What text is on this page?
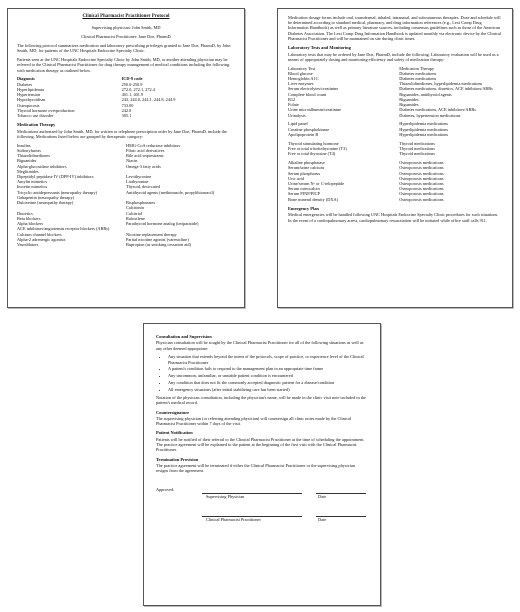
Clinical Pharmacist Practitioner Protocol
Supervising physician: John Smith, MD
Clinical Pharmacist Practitioner: Jane Doe, PharmD

The following protocol summarizes medication and laboratory prescribing privileges granted to Jane Doe, PharmD, by John Smith, MD, for patients of the UNC Hospitals Endocrine Specialty Clinic.

Patients seen at the UNC Hospitals Endocrine Specialty Clinic by John Smith, MD, or another attending physician may be referred to the Clinical Pharmacist Practitioner for drug therapy management of medical conditions including the following, with medication therapy as outlined below.

Diagnosis	ICD-9 code
Diabetes	250.0-250.9
Hyperlipidemia	272.0, 272.1, 272.4
Hypertension	401.1, 401.9
Hypothyroidism	243, 244.0, 244.1, 244.8, 244.9
Osteoporosis	733.00
Thyroid hormone overproduction	242.8
Tobacco use disorder	305.1
Medication Therapy

Medications authorized by John Smith, MD, for written or telephone prescription order by Jane Doe, PharmD, include the following. Medications listed below are grouped by therapeutic category:

Insulins	HMG-CoA reductase inhibitors
Sulfonylureas	Fibric acid derivatives
Thiazolidinediones	Bile acid sequestrants
Biguanides	Niacin
Alpha-glucosidase inhibitors	Omega-3 fatty acids
Meglitinides
Dipeptidyl peptidase IV (DPP-IV) inhibitors	Levothyroxine
Amylin mimetics	Liothyronine
Incretin mimetics	Thyroid, desiccated
Tricyclic antidepressants (neuropathy therapy)	Antithyroid agents (methimazole, propylthiouracil)
Gabapentin (neuropathy therapy)
Duloxetine (neuropathy therapy)	Bisphosphonates
Calcitonin
Diuretics	Calcitriol
Beta blockers	Raloxifene
Alpha blockers	Parathyroid hormone analog (teriparatide)
ACE inhibitors/angiotensin receptor blockers (ARBs)
Calcium channel blockers	Nicotine replacement therapy
Alpha-2 adrenergic agonists	Partial nicotine agonist (varenicline)
Vasodilators	Bupropion (as smoking cessation aid)

Medication dosage forms include oral, transdermal, inhaled, intranasal, and subcutaneous therapies. Dose and schedule will be determined according to standard medical, pharmacy, and drug information references (e.g., Lexi Comp Drug Information Handbook) as well as primary literature sources, including consensus guidelines such as those of the American Diabetes Association. The Lexi Comp Drug Information Handbook is updated monthly via electronic device by the Clinical Pharmacist Practitioner and will be maintained on site during clinic times.

Laboratory Tests and Monitoring

Laboratory tests that may be ordered by Jane Doe, PharmD, include the following. Laboratory evaluation will be used as a means of appropriately dosing and monitoring efficiency and safety of medication therapy:

Laboratory Test	Medication Therapy
Blood glucose	Diabetes medications
Hemoglobin A1C	Diabetes medications
Liver enzymes	Thiazolidinediones, hyperlipidemia medications
Serum electrolytes/creatinine	Diabetes medications, diuretics, ACE inhibitors/ARBs
Complete blood count	Biguanides, antithyroid agents
B12	Biguanides
Folate	Biguanides
Urine microalbumin/creatinine	Diabetes medications, ACE inhibitors/ARBs
Urinalysis	Diabetes, hypertension medications
Lipid panel	Hyperlipidemia medications
Creatine phosphokinase	Hyperlipidemia medications
Apolipoprotein B	Hyperlipidemia medications
Thyroid stimulating hormone	Thyroid medications
Free or total triiodothyronine (T3)	Thyroid medications
Free or total thyroxine (T4)	Thyroid medications
Alkaline phosphatase	Osteoporosis medications
Serum/urine calcium	Osteoporosis medications
Serum phosphorus	Osteoporosis medications
Uric acid	Osteoporosis medications
Urine/serum N- or C-telopeptide	Osteoporosis medications
Serum osteocalcin	Osteoporosis medications
Serum PINP/PICP	Osteoporosis medications
Bone mineral density (DXA)	Osteoporosis medications
Emergency Plan

Medical emergencies will be handled following UNC Hospitals Endocrine Specialty Clinic procedures for such situations. In the event of a cardiopulmonary arrest, cardiopulmonary resuscitation will be initiated while office staff calls 911.

Consultation and Supervision

Physician consultation will be sought by the Clinical Pharmacist Practitioner for all of the following situations as well as any other deemed appropriate:

• Any situation that extends beyond the intent of the protocols, scope of practice, or experience level of the Clinical Pharmacist Practitioner
• A patient's condition fails to respond to the management plan in an appropriate time frame
• Any uncommon, unfamiliar, or unstable patient condition is encountered
• Any condition that does not fit the commonly accepted diagnostic pattern for a disease/condition
• All emergency situations (after initial stabilizing care has been started)

Notation of the physician consultation, including the physician's name, will be made in the clinic visit note included in the patient's medical record.

Countersignature

The supervising physician (or referring attending physician) will countersign all clinic notes made by the Clinical Pharmacist Practitioner within 7 days of the visit.

Patient Notification

Patients will be notified of their referral to the Clinical Pharmacist Practitioner at the time of scheduling the appointment. The practice agreement will be explained to the patient at the beginning of the first visit with the Clinical Pharmacist Practitioner.

Termination Provision

The practice agreement will be terminated if either the Clinical Pharmacist Practitioner or the supervising physician resigns from the agreement.

Approved:
Supervising Physician	Date
Clinical Pharmacist Practitioner	Date
